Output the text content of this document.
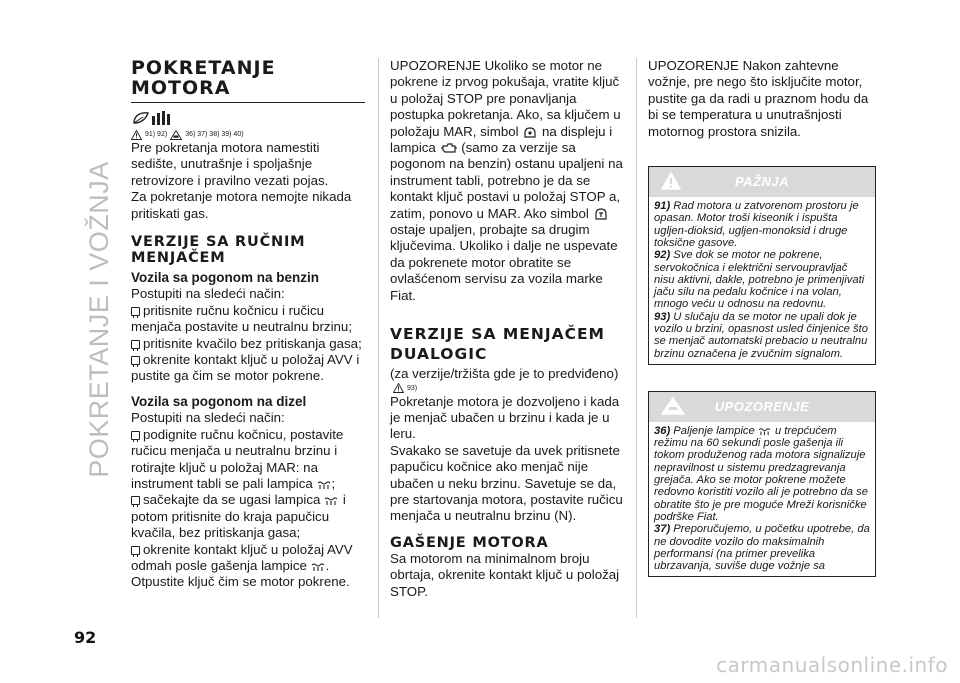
POKRETANJE I VOŽNJA
POKRETANJE
MOTORA
91) 92)	36) 37) 38) 39) 40)

Pre pokretanja motora namestiti sedište, unutrašnje i spoljašnje retrovizore i pravilno vezati pojas.

Za pokretanje motora nemojte nikada pritiskati gas.

VERZIJE SA RUČNIM MENJAČEM
Vozila sa pogonom na benzin

Postupiti na sledeći način:

pritisnite ručnu kočnicu i ručicu menjača postavite u neutralnu brzinu;

pritisnite kvačilo bez pritiskanja gasa;

okrenite kontakt ključ u položaj AVV i pustite ga čim se motor pokrene.

Vozila sa pogonom na dizel

Postupiti na sledeći način:

podignite ručnu kočnicu, postavite ručicu menjača u neutralnu brzinu i rotirajte ključ u položaj MAR: na instrument tabli se pali lampica ;

sačekajte da se ugasi lampica i potom pritisnite do kraja papučicu kvačila, bez pritiskanja gasa;

okrenite kontakt ključ u položaj AVV odmah posle gašenja lampice . Otpustite ključ čim se motor pokrene.

UPOZORENJE Ukoliko se motor ne pokrene iz prvog pokušaja, vratite ključ u položaj STOP pre ponavljanja postupka pokretanja. Ako, sa ključem u položaju MAR, simbol na displeju i lampica (samo za verzije sa pogonom na benzin) ostanu upaljeni na instrument tabli, potrebno je da se kontakt ključ postavi u položaj STOP a, zatim, ponovo u MAR. Ako simbol  ostaje upaljen, probajte sa drugim ključevima. Ukoliko i dalje ne uspevate da pokrenete motor obratite se ovlašćenom servisu za vozila marke Fiat.

VERZIJE SA MENJAČEM
DUALOGIC

(za verzije/tržišta gde je to predviđeno)

93)

Pokretanje motora je dozvoljeno i kada je menjač ubačen u brzinu i kada je u leru.

Svakako se savetuje da uvek pritisnete papučicu kočnice ako menjač nije ubačen u neku brzinu. Savetuje se da, pre startovanja motora, postavite ručicu menjača u neutralnu brzinu (N).

GAŠENJE MOTORA

Sa motorom na minimalnom broju obrtaja, okrenite kontakt ključ u položaj STOP.

UPOZORENJE Nakon zahtevne vožnje, pre nego što isključite motor, pustite ga da radi u praznom hodu da bi se temperatura u unutrašnjosti motornog prostora snizila.

PAŽNJA

91) Rad motora u zatvorenom prostoru je opasan. Motor troši kiseonik i ispušta ugljen-dioksid, ugljen-monoksid i druge toksične gasove.

92) Sve dok se motor ne pokrene, servokočnica i električni servoupravljač nisu aktivni, dakle, potrebno je primenjivati jaču silu na pedalu kočnice i na volan, mnogo veću u odnosu na redovnu.

93) U slučaju da se motor ne upali dok je vozilo u brzini, opasnost usled činjenice što se menjač automatski prebacio u neutralnu brzinu označena je zvučnim signalom.

UPOZORENJE

36) Paljenje lampice u trepćućem režimu na 60 sekundi posle gašenja ili tokom produženog rada motora signalizuje nepravilnost u sistemu predzagrevanja grejača. Ako se motor pokrene možete redovno koristiti vozilo ali je potrebno da se obratite što je pre moguće Mreži korisničke podrške Fiat.

37) Preporučujemo, u početku upotrebe, da ne dovodite vozilo do maksimalnih performansi (na primer prevelika ubrzavanja, suviše duge vožnje sa

92
carmanualsonline.info
